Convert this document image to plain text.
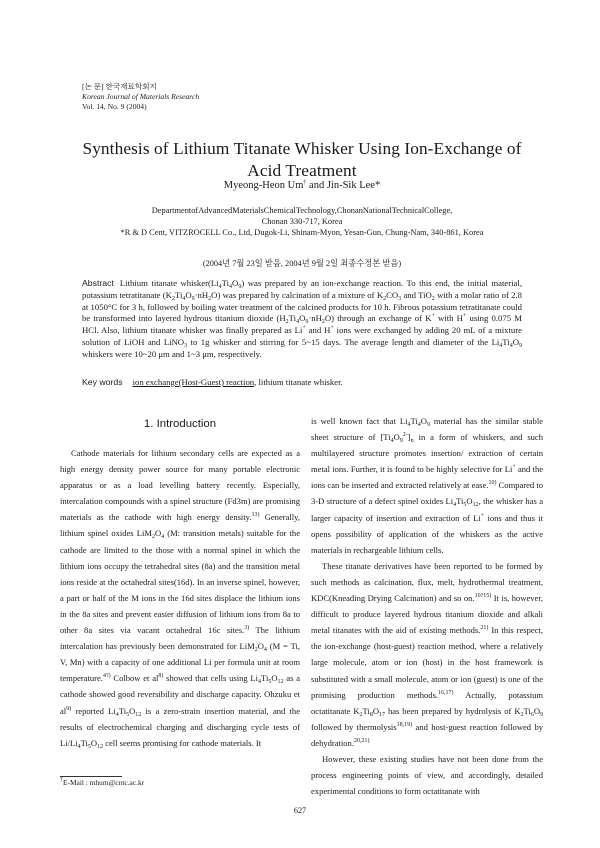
[논 문] 한국재료학회지
Korean Journal of Materials Research
Vol. 14, No. 9 (2004)
Synthesis of Lithium Titanate Whisker Using Ion-Exchange of
Acid Treatment
Myeong-Heon Um† and Jin-Sik Lee*
DepartmentofAdvancedMaterialsChemicalTechnology,ChonanNationalTechnicalCollege,
Chonan 330-717, Korea
*R & D Cent, VITZROCELL Co., Ltd, Dugok-Li, Shinam-Myon, Yesan-Gun, Chung-Nam, 340-861, Korea
(2004년 7월 23일 받음, 2004년 9월 2일 최종수정본 받음)
Abstract Lithium titanate $whisker(Li_4Ti_4O_9)$ was prepared by an ion-exchange reaction. To this end, the initial material, potassium tetratitanate $(K_2Ti_4O_9\cdot nH_2O)$ was prepared by calcination of a mixture of $K_2CO_3$ and TiO$_2$ with a molar ratio of 2.8 at 1050°C for 3 h, followed by boiling water treatment of the calcined products for 10 h. Fibrous potassium tetratitanate could be transformed into layered hydrous titanium dioxide $(H_2Ti_4O_9\cdot nH_2O)$ through an exchange of K+ with H+ using 0.075 M HCl. Also, lithium titanate whisker was finally prepared as Li+ and H+ ions were exchanged by adding 20 mL of a mixture solution of LiOH and LiNO$_3$ to 1g whisker and stirring for 5~15 days. The average length and diameter of the $Li_4Ti_4O_9$ whiskers were 10~20 μm and 1~3 μm, respectively.
Key words ion exchange(Host-Guest) reaction, lithium titanate whisker.
1. Introduction

Cathode materials for lithium secondary cells are expected as a high energy density power source for many portable electronic apparatus or as a load levelling battery recently. Especially, intercalation compounds with a spinel structure (Fd3m) are promising materials as the cathode with high energy density.$^{13)}$ Generally, lithium spinel oxides $LiM_2O_4$ (M: transition metals) suitable for the cathode are limited to the those with a normal spinel in which the lithium ions occupy the tetrahedral sites (8a) and the transition metal ions reside at the octahedral sites(16d). In an inverse spinel, however, a part or half of the M ions in the 16d sites displace the lithium ions in the 8a sites and prevent easier diffusion of lithium ions from 8a to other 8a sites via vacant octahedral 16c sites.$^{3)}$ The lithium intercalation has previously been demonstrated for $LiM_2O_4$ (M = Ti, V, Mn) with a capacity of one additional Li per formula unit at room temperature.$^{4?)}$ Colbow et $al^{8)}$ showed that cells using $Li_4Ti_5O_{12}$ as a cathode showed good reversibility and discharge capacity. Ohzuku et $al^{9)}$ reported $Li_4Ti_5O_{12}$ is a zero-strain insertion material, and the results of electrochemical charging and discharging cycle tests of $Li/Li_4Ti_5O_{12}$ cell seems promising for cathode materials. It

is well known fact that $Li_4Ti_4O_9$ material has the similar stable sheet structure of $[Ti_4O_9^{2-}]_n$ in a form of whiskers, and such multilayered structure promotes insertion/ extraction of certain metal ions. Further, it is found to be highly selective for Li+ and the ions can be inserted and extracted relatively at ease.$^{10)}$ Compared to 3-D structure of a defect spinel oxides $Li_4Ti_5O_{12}$, the whisker has a larger capacity of insertion and extraction of Li+ ions and thus it opens possibility of application of the whiskers as the active materials in rechargeable lithium cells.

These titanate derivatives have been reported to be formed by such methods as calcination, flux, melt, hydrothermal treatment, KDC(Kneading Drying Calcination) and so on.$^{10?15)}$ It is, however, difficult to produce layered hydrous titanium dioxide and alkali metal titanates with the aid of existing methods.$^{21)}$ In this respect, the ion-exchange (host-guest) reaction method, where a relatively large molecule, atom or ion (host) in the host framework is substituted with a small molecule, atom or ion (guest) is one of the promising production methods.$^{16,17)}$ Actually, potassium octatitanate $K_2Ti_8O_{17}$ has been prepared by hydrolysis of $K_2Ti_6O_9$ followed by thermolysis$^{18,19)}$ and host-guest reaction followed by dehydration.$^{20,21)}$

However, these existing studies have not been done from the process engineering points of view, and accordingly, detailed experimental conditions to form octatitanate with

†E-Mail : mhum@cntc.ac.kr
627
